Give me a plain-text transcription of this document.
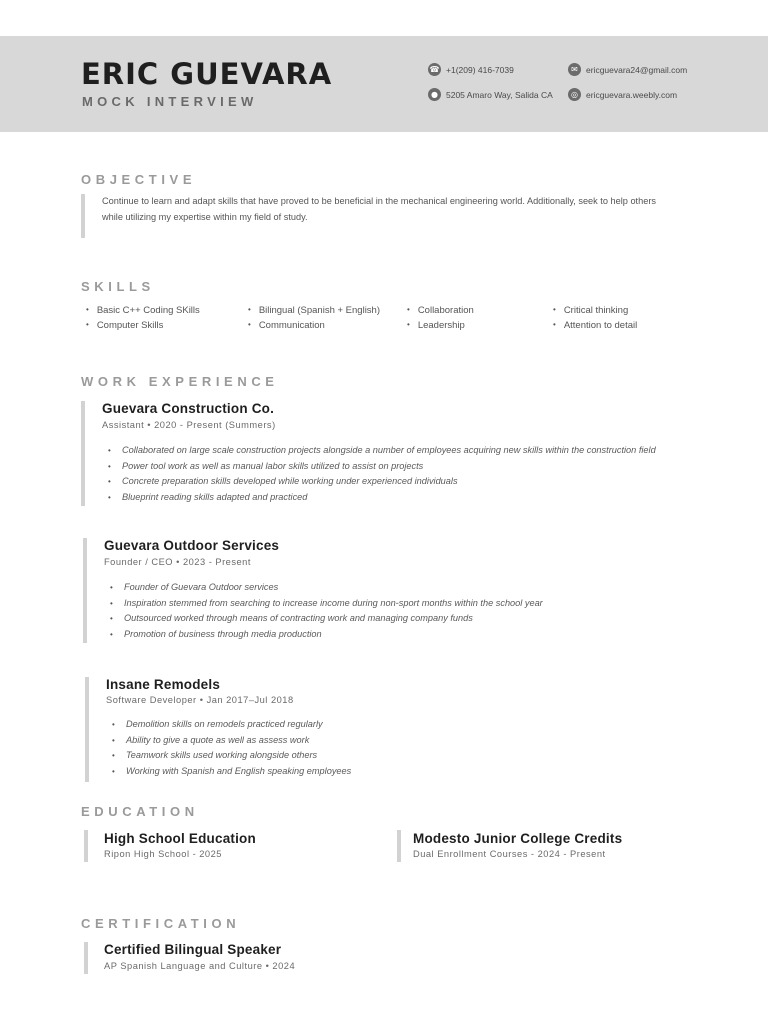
ERIC GUEVARA
MOCK INTERVIEW
☎ +1(209) 416-7039
● 5205 Amaro Way, Salida CA
✉ ericguevara24@gmail.com
◎ ericguevara.weebly.com
OBJECTIVE
Continue to learn and adapt skills that have proved to be beneficial in the mechanical engineering world. Additionally, seek to help others
while utilizing my expertise within my field of study.
SKILLS
• Basic C++ Coding SKills
• Computer Skills
• Bilingual (Spanish + English)
• Communication
• Collaboration
• Leadership
• Critical thinking
• Attention to detail
WORK EXPERIENCE
Guevara Construction Co.
Assistant • 2020 - Present (Summers)
• Collaborated on large scale construction projects alongside a number of employees acquiring new skills within the construction field
• Power tool work as well as manual labor skills utilized to assist on projects
• Concrete preparation skills developed while working under experienced individuals
• Blueprint reading skills adapted and practiced
Guevara Outdoor Services
Founder / CEO • 2023 - Present
• Founder of Guevara Outdoor services
• Inspiration stemmed from searching to increase income during non-sport months within the school year
• Outsourced worked through means of contracting work and managing company funds
• Promotion of business through media production
Insane Remodels
Software Developer • Jan 2017–Jul 2018
• Demolition skills on remodels practiced regularly
• Ability to give a quote as well as assess work
• Teamwork skills used working alongside others
• Working with Spanish and English speaking employees
EDUCATION
High School Education
Ripon High School - 2025
Modesto Junior College Credits
Dual Enrollment Courses - 2024 - Present
CERTIFICATION
Certified Bilingual Speaker
AP Spanish Language and Culture • 2024
